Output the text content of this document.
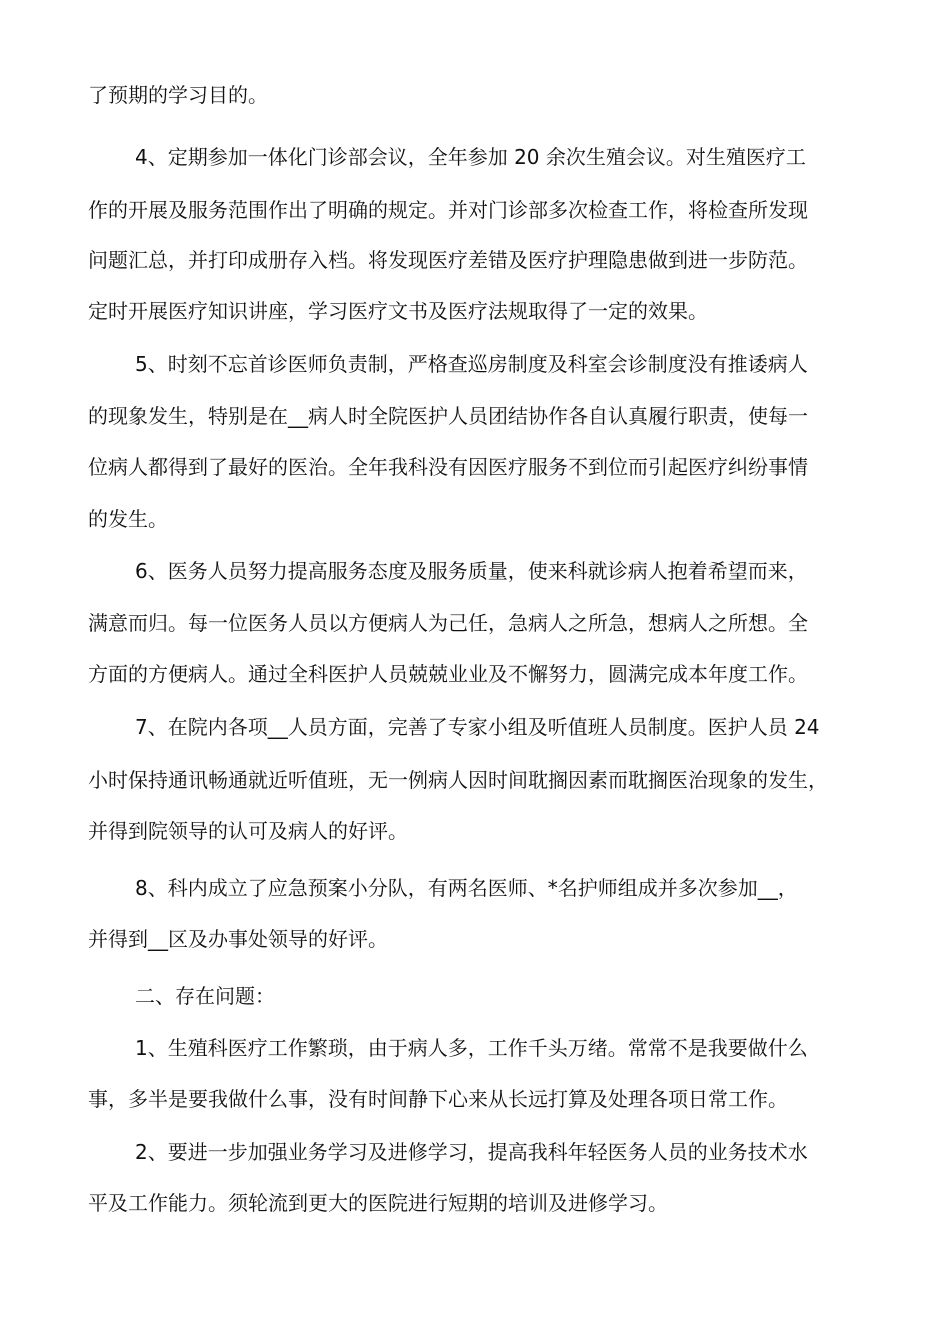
了预期的学习目的。
4、定期参加一体化门诊部会议，全年参加 20 余次生殖会议。对生殖医疗工
作的开展及服务范围作出了明确的规定。并对门诊部多次检查工作，将检查所发现
问题汇总，并打印成册存入档。将发现医疗差错及医疗护理隐患做到进一步防范。
定时开展医疗知识讲座，学习医疗文书及医疗法规取得了一定的效果。
5、时刻不忘首诊医师负责制，严格查巡房制度及科室会诊制度没有推诿病人
的现象发生，特别是在__病人时全院医护人员团结协作各自认真履行职责，使每一
位病人都得到了最好的医治。全年我科没有因医疗服务不到位而引起医疗纠纷事情
的发生。
6、医务人员努力提高服务态度及服务质量，使来科就诊病人抱着希望而来，
满意而归。每一位医务人员以方便病人为己任，急病人之所急，想病人之所想。全
方面的方便病人。通过全科医护人员兢兢业业及不懈努力，圆满完成本年度工作。
7、在院内各项__人员方面，完善了专家小组及听值班人员制度。医护人员 24
小时保持通讯畅通就近听值班，无一例病人因时间耽搁因素而耽搁医治现象的发生，
并得到院领导的认可及病人的好评。
8、科内成立了应急预案小分队，有两名医师、*名护师组成并多次参加__，
并得到__区及办事处领导的好评。
二、存在问题：
1、生殖科医疗工作繁琐，由于病人多，工作千头万绪。常常不是我要做什么
事，多半是要我做什么事，没有时间静下心来从长远打算及处理各项日常工作。
2、要进一步加强业务学习及进修学习，提高我科年轻医务人员的业务技术水
平及工作能力。须轮流到更大的医院进行短期的培训及进修学习。
